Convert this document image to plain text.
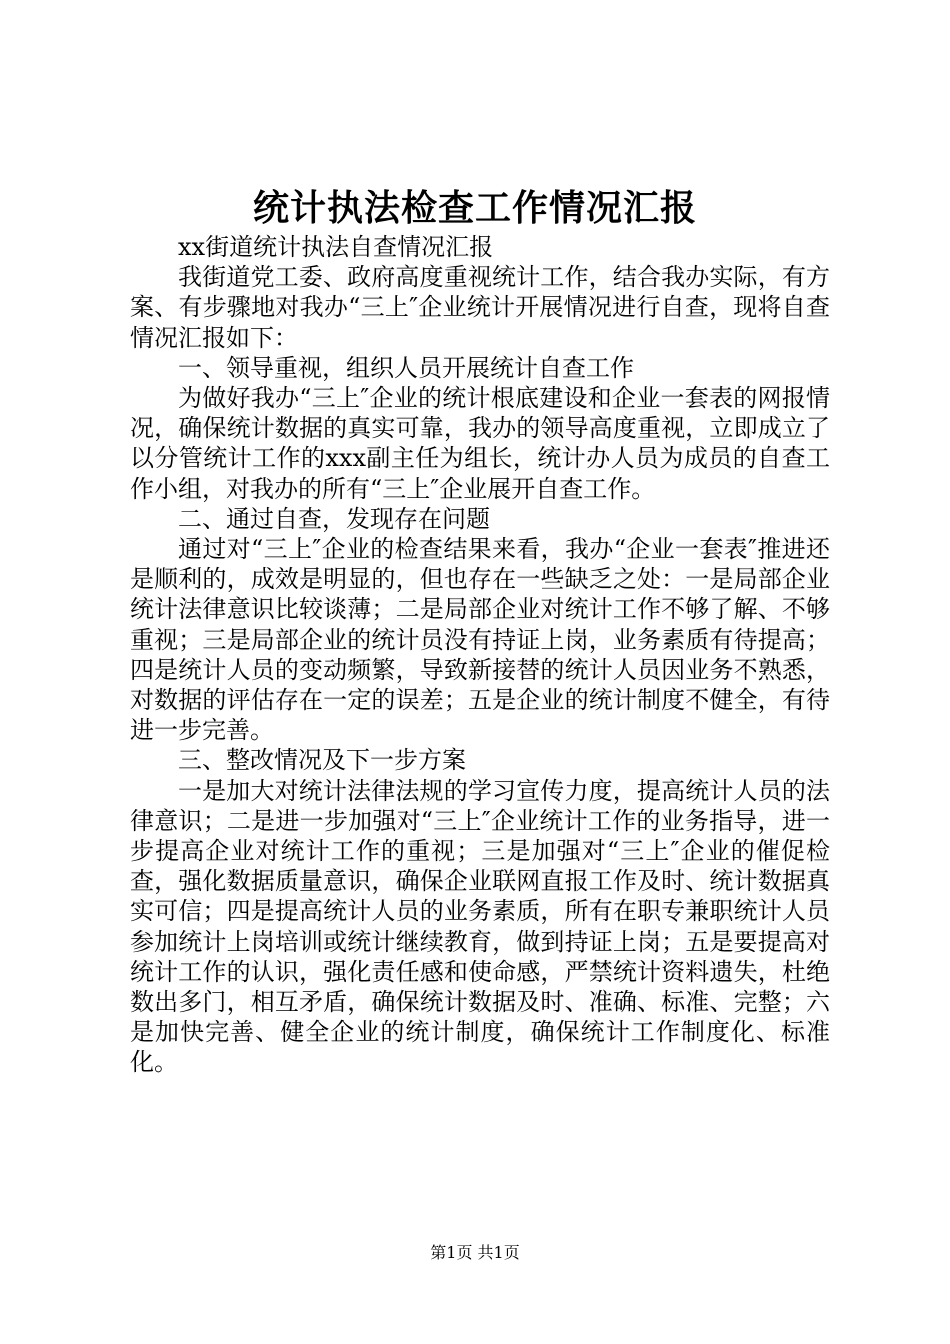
统计执法检查工作情况汇报

xx街道统计执法自查情况汇报

我街道党工委、政府高度重视统计工作，结合我办实际，有方案、有步骤地对我办“三上″企业统计开展情况进行自查，现将自查情况汇报如下：

一、领导重视，组织人员开展统计自查工作

为做好我办“三上″企业的统计根底建设和企业一套表的网报情况，确保统计数据的真实可靠，我办的领导高度重视，立即成立了以分管统计工作的xxx副主任为组长，统计办人员为成员的自查工作小组，对我办的所有“三上″企业展开自查工作。

二、通过自查，发现存在问题

通过对“三上″企业的检查结果来看，我办“企业一套表″推进还是顺利的，成效是明显的，但也存在一些缺乏之处：一是局部企业统计法律意识比较谈薄；二是局部企业对统计工作不够了解、不够重视；三是局部企业的统计员没有持证上岗，业务素质有待提高；四是统计人员的变动频繁，导致新接替的统计人员因业务不熟悉，对数据的评估存在一定的误差；五是企业的统计制度不健全，有待进一步完善。

三、整改情况及下一步方案

一是加大对统计法律法规的学习宣传力度，提高统计人员的法律意识；二是进一步加强对“三上″企业统计工作的业务指导，进一步提高企业对统计工作的重视；三是加强对“三上″企业的催促检查，强化数据质量意识，确保企业联网直报工作及时、统计数据真实可信；四是提高统计人员的业务素质，所有在职专兼职统计人员参加统计上岗培训或统计继续教育，做到持证上岗；五是要提高对统计工作的认识，强化责任感和使命感，严禁统计资料遗失，杜绝数出多门，相互矛盾，确保统计数据及时、准确、标准、完整；六是加快完善、健全企业的统计制度，确保统计工作制度化、标准化。

第1页 共1页
